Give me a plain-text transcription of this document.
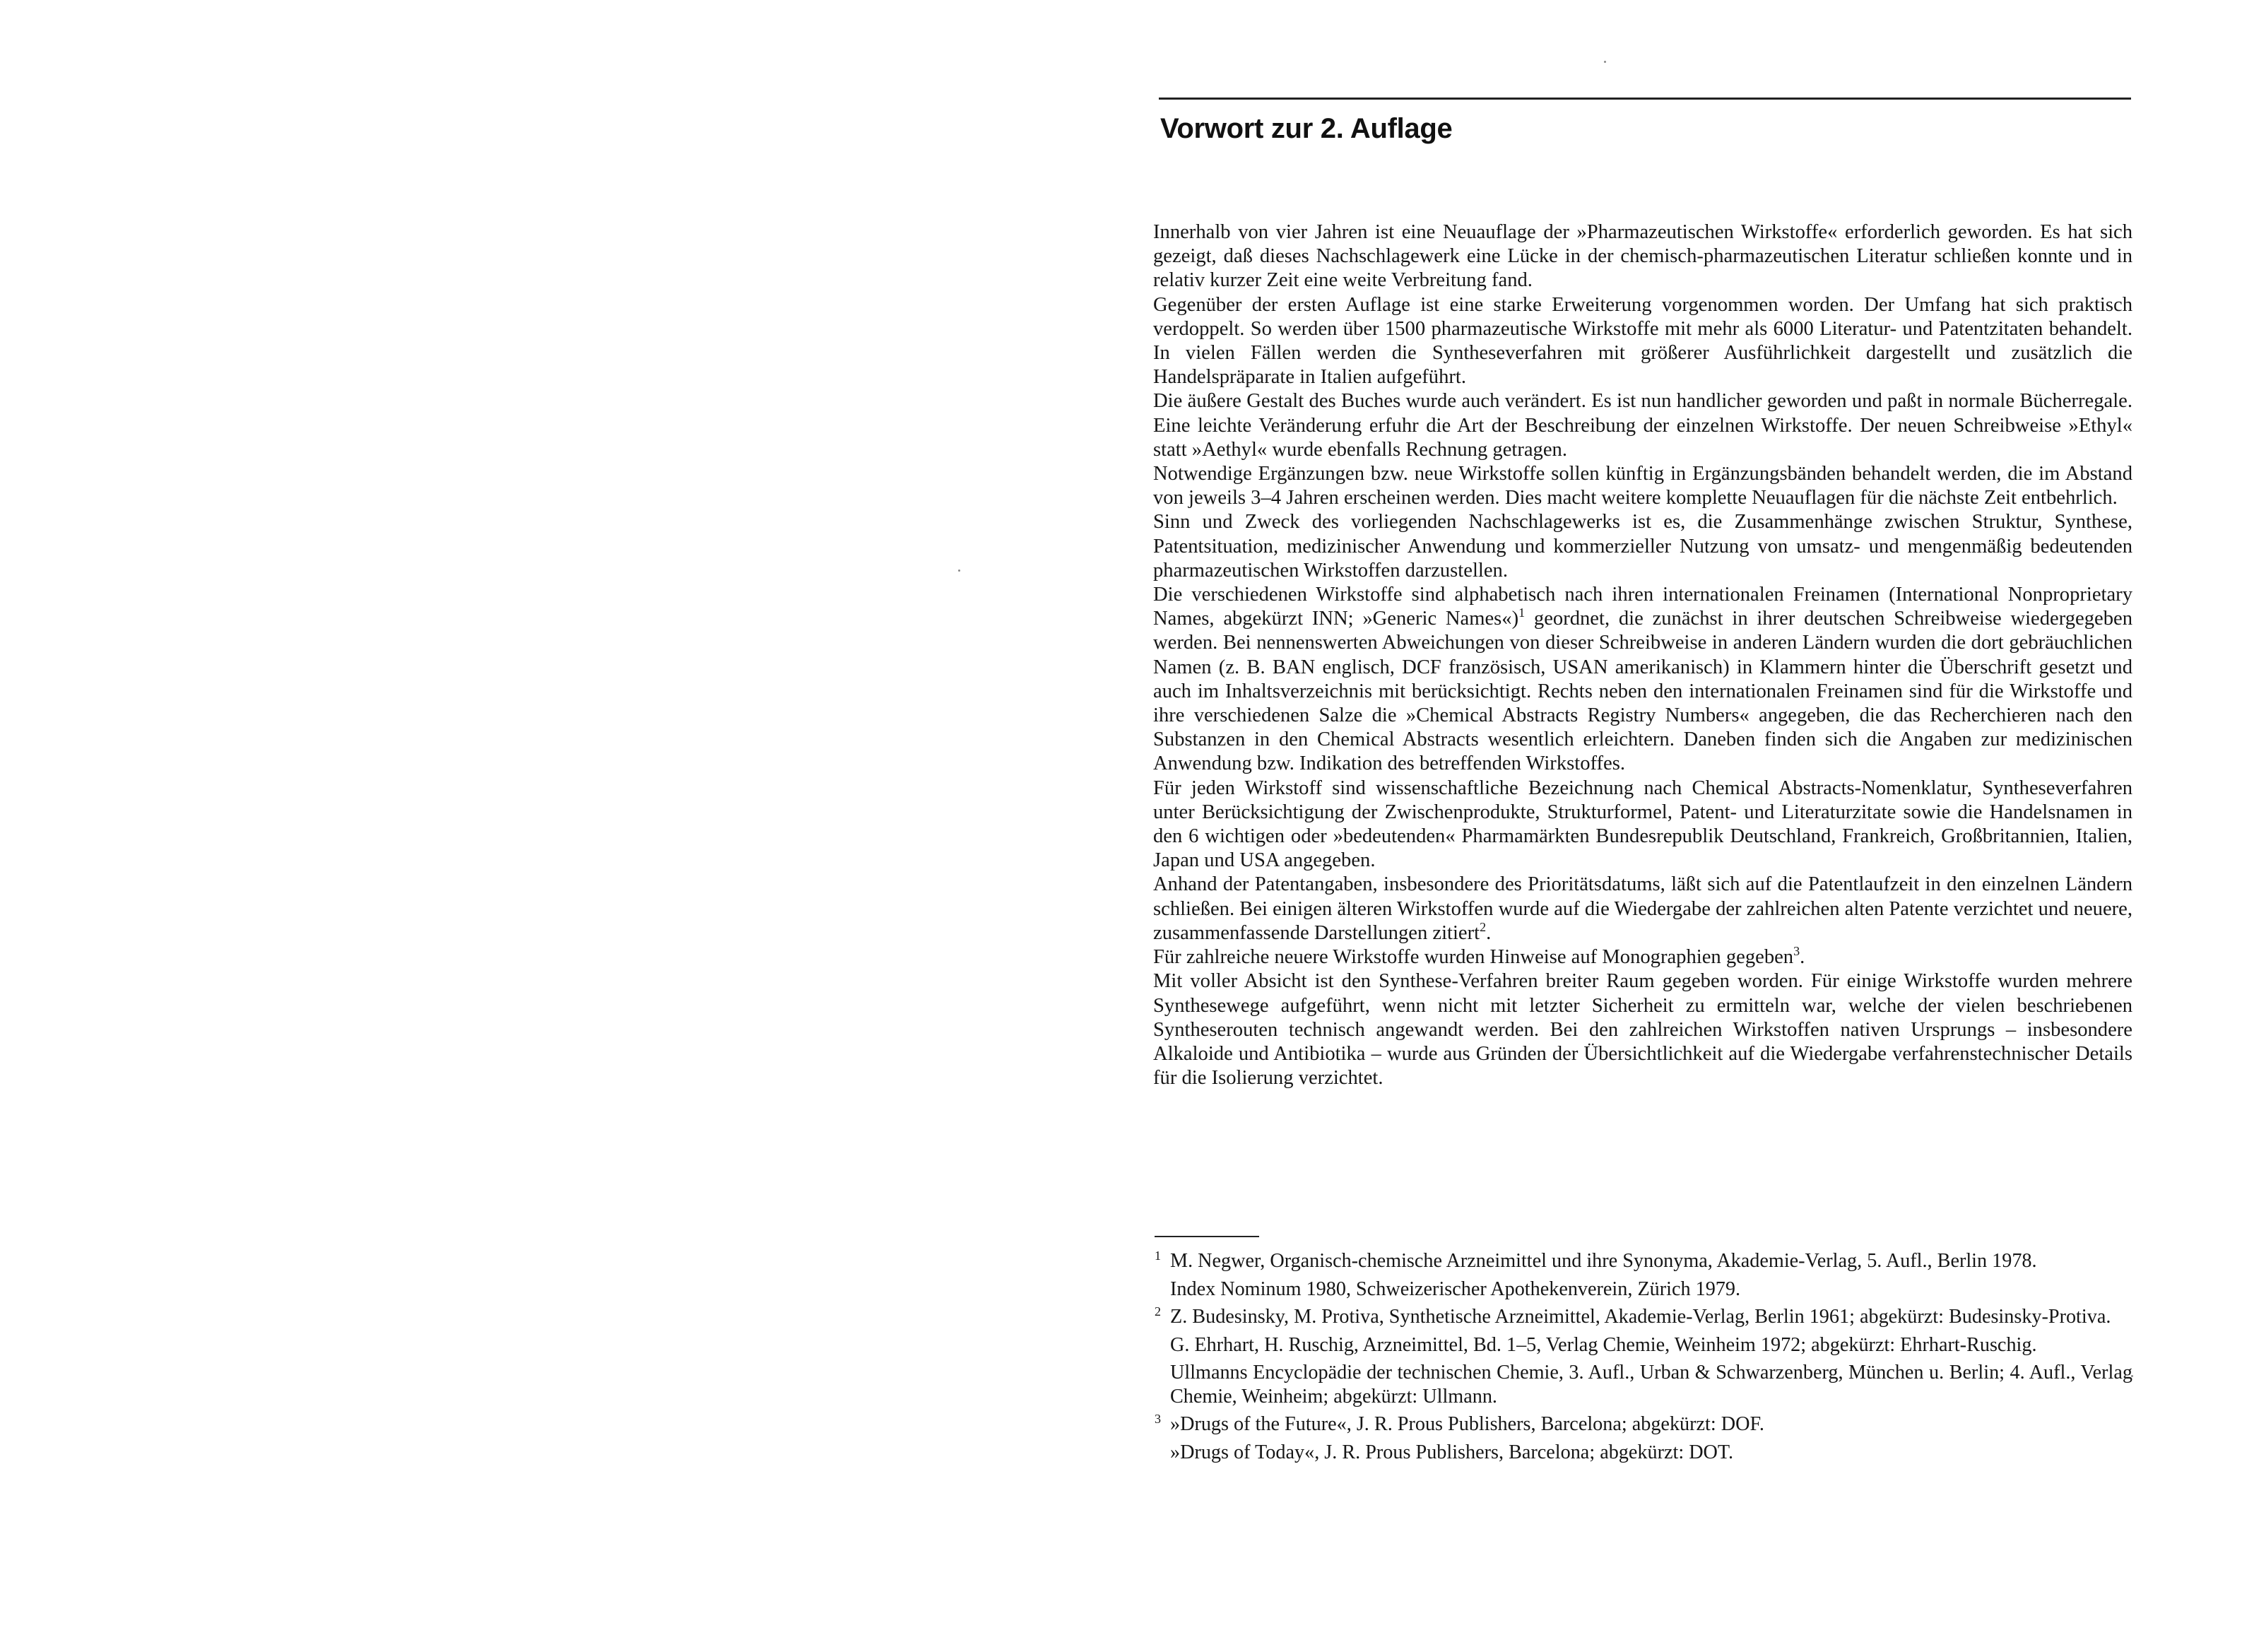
Vorwort zur 2. Auflage

Innerhalb von vier Jahren ist eine Neuauflage der »Pharmazeutischen Wirkstoffe« erforderlich geworden. Es hat sich gezeigt, daß dieses Nachschlagewerk eine Lücke in der chemisch-pharmazeutischen Literatur schließen konnte und in relativ kurzer Zeit eine weite Verbreitung fand.

Gegenüber der ersten Auflage ist eine starke Erweiterung vorgenommen worden. Der Umfang hat sich praktisch verdoppelt. So werden über 1500 pharmazeutische Wirkstoffe mit mehr als 6000 Literatur- und Patentzitaten behandelt. In vielen Fällen werden die Syntheseverfahren mit größerer Ausführlichkeit dargestellt und zusätzlich die Handelspräparate in Italien aufgeführt.

Die äußere Gestalt des Buches wurde auch verändert. Es ist nun handlicher geworden und paßt in normale Bücherregale. Eine leichte Veränderung erfuhr die Art der Beschreibung der einzelnen Wirkstoffe. Der neuen Schreibweise »Ethyl« statt »Aethyl« wurde ebenfalls Rechnung getragen.

Notwendige Ergänzungen bzw. neue Wirkstoffe sollen künftig in Ergänzungsbänden behandelt werden, die im Abstand von jeweils 3–4 Jahren erscheinen werden. Dies macht weitere komplette Neuauflagen für die nächste Zeit entbehrlich.

Sinn und Zweck des vorliegenden Nachschlagewerks ist es, die Zusammenhänge zwischen Struktur, Synthese, Patentsituation, medizinischer Anwendung und kommerzieller Nutzung von umsatz- und mengenmäßig bedeutenden pharmazeutischen Wirkstoffen darzustellen.

Die verschiedenen Wirkstoffe sind alphabetisch nach ihren internationalen Freinamen (International Nonproprietary Names, abgekürzt INN; »Generic Names«)$^1$ geordnet, die zunächst in ihrer deutschen Schreibweise wiedergegeben werden. Bei nennenswerten Abweichungen von dieser Schreibweise in anderen Ländern wurden die dort gebräuchlichen Namen (z. B. BAN englisch, DCF französisch, USAN amerikanisch) in Klammern hinter die Überschrift gesetzt und auch im Inhaltsverzeichnis mit berücksichtigt. Rechts neben den internationalen Freinamen sind für die Wirkstoffe und ihre verschiedenen Salze die »Chemical Abstracts Registry Numbers« angegeben, die das Recherchieren nach den Substanzen in den Chemical Abstracts wesentlich erleichtern. Daneben finden sich die Angaben zur medizinischen Anwendung bzw. Indikation des betreffenden Wirkstoffes.

Für jeden Wirkstoff sind wissenschaftliche Bezeichnung nach Chemical Abstracts-Nomenklatur, Syntheseverfahren unter Berücksichtigung der Zwischenprodukte, Strukturformel, Patent- und Literaturzitate sowie die Handelsnamen in den 6 wichtigen oder »bedeutenden« Pharmamärkten Bundesrepublik Deutschland, Frankreich, Großbritannien, Italien, Japan und USA angegeben.

Anhand der Patentangaben, insbesondere des Prioritätsdatums, läßt sich auf die Patentlaufzeit in den einzelnen Ländern schließen. Bei einigen älteren Wirkstoffen wurde auf die Wiedergabe der zahlreichen alten Patente verzichtet und neuere, zusammenfassende Darstellungen zitiert$^2$.

Für zahlreiche neuere Wirkstoffe wurden Hinweise auf Monographien gegeben$^3$.

Mit voller Absicht ist den Synthese-Verfahren breiter Raum gegeben worden. Für einige Wirkstoffe wurden mehrere Synthesewege aufgeführt, wenn nicht mit letzter Sicherheit zu ermitteln war, welche der vielen beschriebenen Syntheserouten technisch angewandt werden. Bei den zahlreichen Wirkstoffen nativen Ursprungs – insbesondere Alkaloide und Antibiotika – wurde aus Gründen der Übersichtlichkeit auf die Wiedergabe verfahrenstechnischer Details für die Isolierung verzichtet.

1 M. Negwer, Organisch-chemische Arzneimittel und ihre Synonyma, Akademie-Verlag, 5. Aufl., Berlin 1978.

Index Nominum 1980, Schweizerischer Apothekenverein, Zürich 1979.

2 Z. Budesinsky, M. Protiva, Synthetische Arzneimittel, Akademie-Verlag, Berlin 1961; abgekürzt: Budesinsky-Protiva.

G. Ehrhart, H. Ruschig, Arzneimittel, Bd. 1–5, Verlag Chemie, Weinheim 1972; abgekürzt: Ehrhart-Ruschig.

Ullmanns Encyclopädie der technischen Chemie, 3. Aufl., Urban & Schwarzenberg, München u. Berlin; 4. Aufl., Verlag Chemie, Weinheim; abgekürzt: Ullmann.

3 »Drugs of the Future«, J. R. Prous Publishers, Barcelona; abgekürzt: DOF.

»Drugs of Today«, J. R. Prous Publishers, Barcelona; abgekürzt: DOT.
